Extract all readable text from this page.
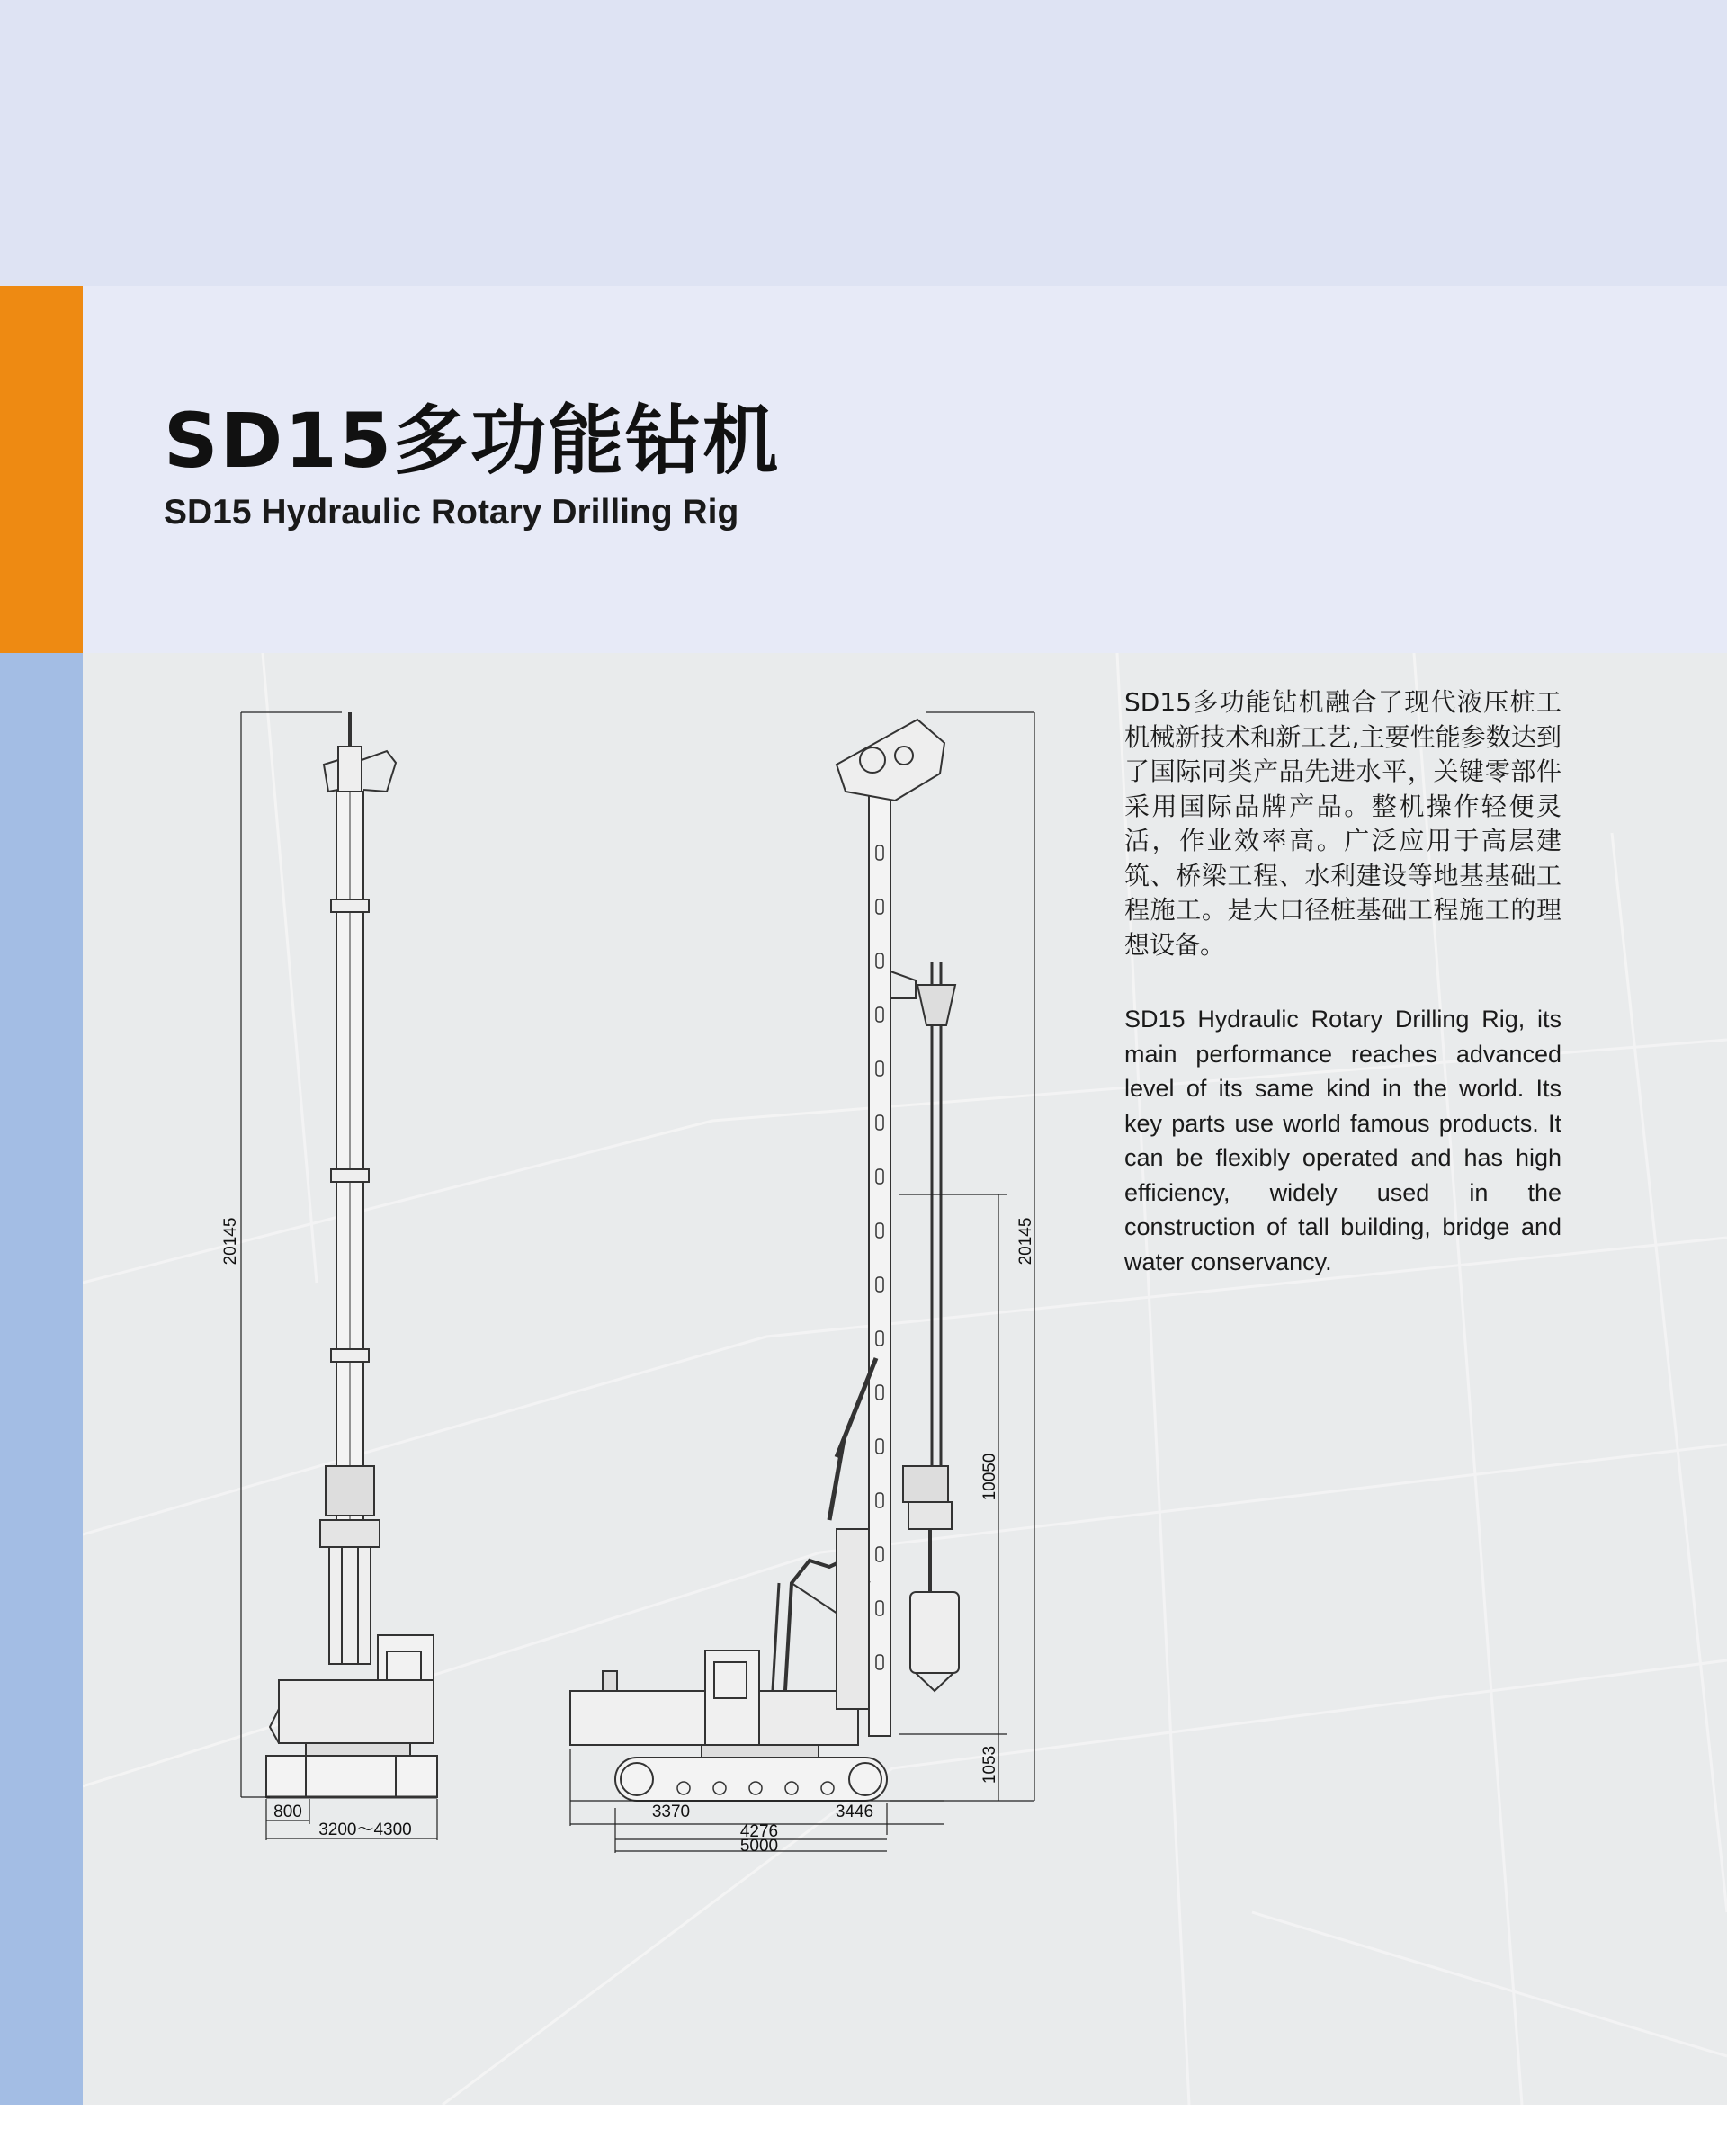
SD15多功能钻机
SD15 Hydraulic Rotary Drilling Rig
SD15多功能钻机融合了现代液压桩工机械新技术和新工艺,主要性能参数达到了国际同类产品先进水平，关键零部件采用国际品牌产品。整机操作轻便灵活，作业效率高。广泛应用于高层建筑、桥梁工程、水利建设等地基基础工程施工。是大口径桩基础工程施工的理想设备。
SD15 Hydraulic Rotary Drilling Rig, its main performance reaches advanced level of its same kind in the world. Its key parts use world famous products. It can be flexibly operated and has high efficiency, widely used in the construction of tall building, bridge and water conservancy.
20145
800
3200～4300
20145
10050
1053
3370	3446
4276
5000
